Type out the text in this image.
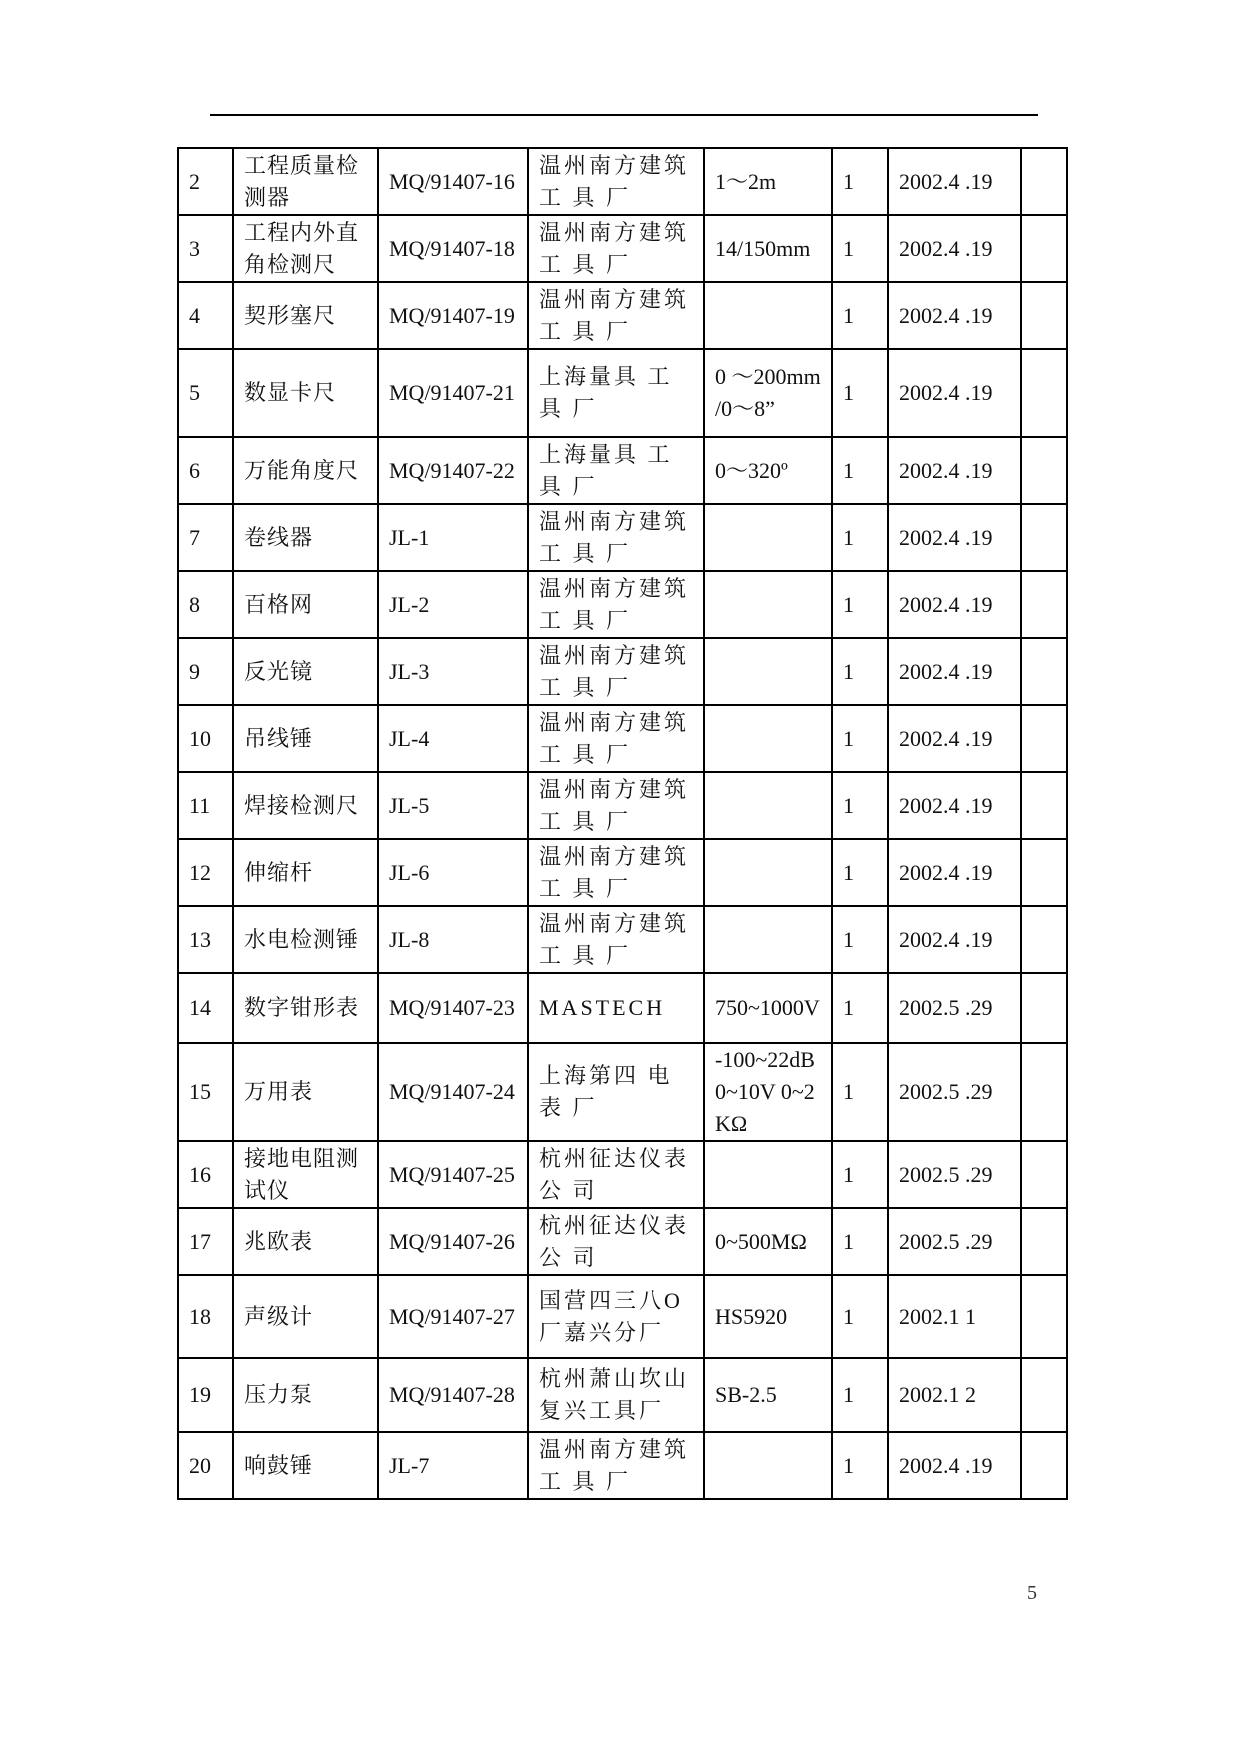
2	工程质量检测器	MQ/91407-16	温州南方建筑工 具 厂	1～2m	1	2002.4 .19	
3	工程内外直角检测尺	MQ/91407-18	温州南方建筑工 具 厂	14/150mm	1	2002.4 .19	
4	契形塞尺	MQ/91407-19	温州南方建筑工 具 厂		1	2002.4 .19	
5	数显卡尺	MQ/91407-21	上海量具 工具 厂	0 ～200mm /0～8”	1	2002.4 .19	
6	万能角度尺	MQ/91407-22	上海量具 工具 厂	0～320º	1	2002.4 .19	
7	卷线器	JL-1	温州南方建筑工 具 厂		1	2002.4 .19	
8	百格网	JL-2	温州南方建筑工 具 厂		1	2002.4 .19	
9	反光镜	JL-3	温州南方建筑工 具 厂		1	2002.4 .19	
10	吊线锤	JL-4	温州南方建筑工 具 厂		1	2002.4 .19	
11	焊接检测尺	JL-5	温州南方建筑工 具 厂		1	2002.4 .19	
12	伸缩杆	JL-6	温州南方建筑工 具 厂		1	2002.4 .19	
13	水电检测锤	JL-8	温州南方建筑工 具 厂		1	2002.4 .19	
14	数字钳形表	MQ/91407-23	MASTECH	750~1000V	1	2002.5 .29	
15	万用表	MQ/91407-24	上海第四 电表 厂	-100~22dB 0~10V 0~2KΩ	1	2002.5 .29	
16	接地电阻测试仪	MQ/91407-25	杭州征达仪表公 司		1	2002.5 .29	
17	兆欧表	MQ/91407-26	杭州征达仪表公 司	0~500MΩ	1	2002.5 .29	
18	声级计	MQ/91407-27	国营四三八O厂嘉兴分厂	HS5920	1	2002.1 1	
19	压力泵	MQ/91407-28	杭州萧山坎山复兴工具厂	SB-2.5	1	2002.1 2	
20	响鼓锤	JL-7	温州南方建筑工 具 厂		1	2002.4 .19	
5
